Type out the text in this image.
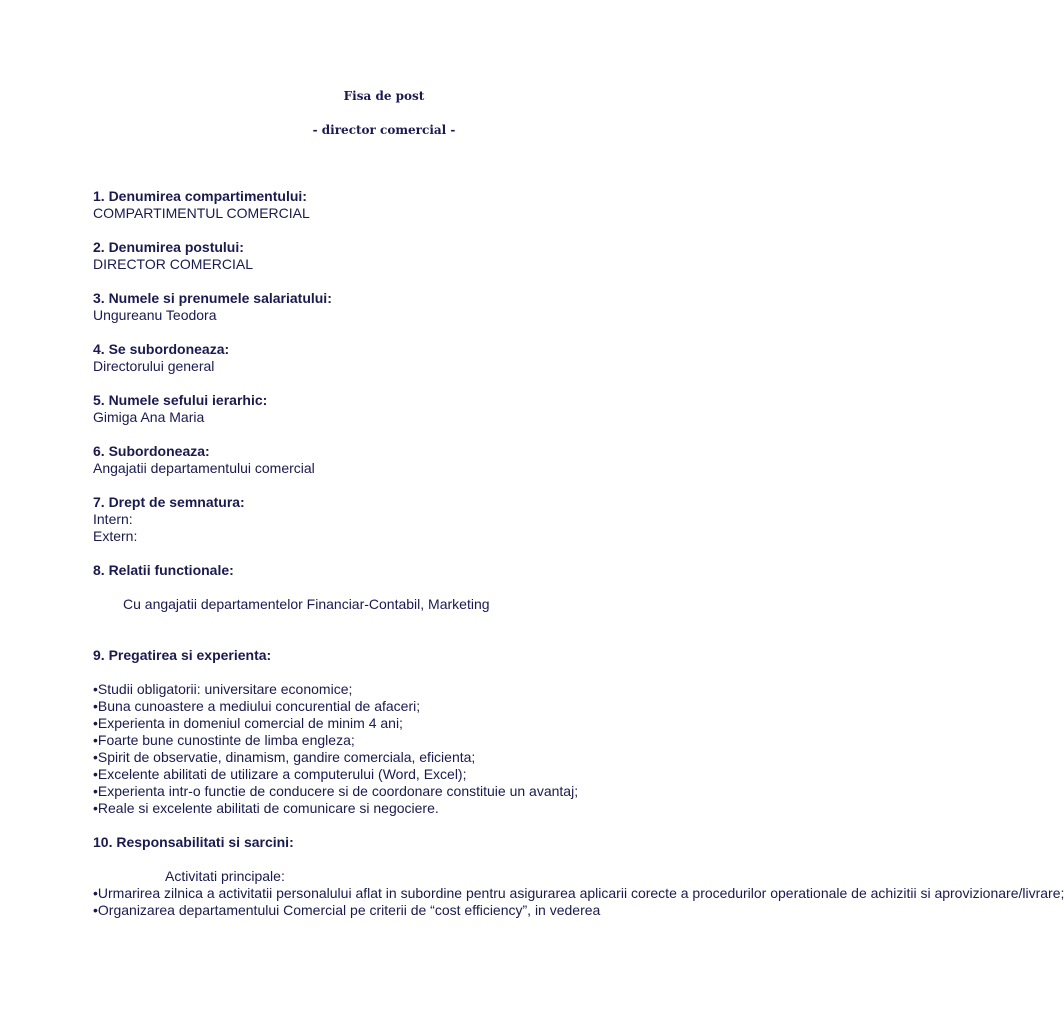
Fisa de post
- director comercial -
1. Denumirea compartimentului:
COMPARTIMENTUL COMERCIAL
2. Denumirea postului:
DIRECTOR COMERCIAL
3. Numele si prenumele salariatului:
Ungureanu Teodora
4. Se subordoneaza:
Directorului general
5. Numele sefului ierarhic:
Gimiga Ana Maria
6. Subordoneaza:
Angajatii departamentului comercial
7. Drept de semnatura:
Intern:
Extern:
8. Relatii functionale:
Cu angajatii departamentelor Financiar-Contabil, Marketing
9. Pregatirea si experienta:
• Studii obligatorii: universitare economice;
• Buna cunoastere a mediului concurential de afaceri;
• Experienta in domeniul comercial de minim 4 ani;
• Foarte bune cunostinte de limba engleza;
• Spirit de observatie, dinamism, gandire comerciala, eficienta;
• Excelente abilitati de utilizare a computerului (Word, Excel);
• Experienta intr-o functie de conducere si de coordonare constituie un avantaj;
• Reale si excelente abilitati de comunicare si negociere.
10. Responsabilitati si sarcini:
Activitati principale:
• Urmarirea zilnica a activitatii personalului aflat in subordine pentru asigurarea aplicarii corecte a procedurilor operationale de achizitii si aprovizionare/livrare;
• Organizarea departamentului Comercial pe criterii de “cost efficiency”, in vederea
